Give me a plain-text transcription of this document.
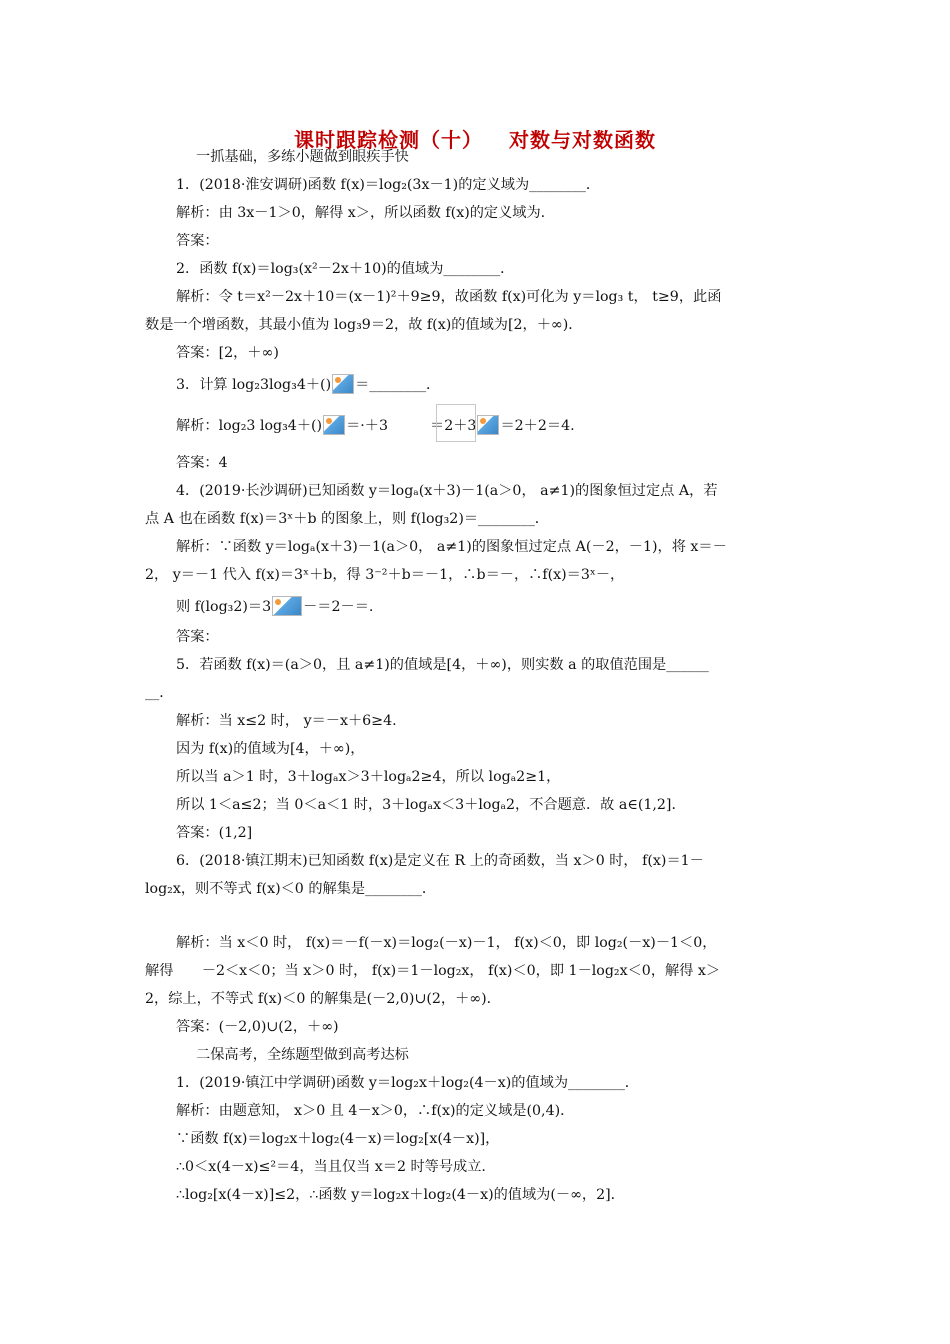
课时跟踪检测（十） 对数与对数函数
一抓基础，多练小题做到眼疾手快
1．(2018·淮安调研)函数 f(x)＝log₂(3x－1)的定义域为________．
解析：由 3x－1＞0，解得 x＞，所以函数 f(x)的定义域为.
答案：
2．函数 f(x)＝log₃(x²－2x＋10)的值域为________．
解析：令 t＝x²－2x＋10＝(x－1)²＋9≥9，故函数 f(x)可化为 y＝log₃ t， t≥9，此函
数是一个增函数，其最小值为 log₃9＝2，故 f(x)的值域为[2，＋∞)．
答案：[2，＋∞)
3．计算 log₂3log₃4＋() ＝________．
解析：log₂3 log₃4＋() ＝·＋3	＝2＋3 ＝2＋2＝4.
答案：4
4．(2019·长沙调研)已知函数 y＝logₐ(x＋3)－1(a＞0， a≠1)的图象恒过定点 A，若
点 A 也在函数 f(x)＝3ˣ＋b 的图象上，则 f(log₃2)＝________．
解析：∵函数 y＝logₐ(x＋3)－1(a＞0， a≠1)的图象恒过定点 A(－2，－1)，将 x＝－
2， y＝－1 代入 f(x)＝3ˣ＋b，得 3⁻²＋b＝－1，∴b＝－，∴f(x)＝3ˣ－，
则 f(log₃2)＝3 －＝2－＝.
答案：
5．若函数 f(x)＝(a＞0，且 a≠1)的值域是[4，＋∞)，则实数 a 的取值范围是______
__．
解析：当 x≤2 时， y＝－x＋6≥4.
因为 f(x)的值域为[4，＋∞)，
所以当 a＞1 时，3＋logₐx＞3＋logₐ2≥4，所以 logₐ2≥1，
所以 1＜a≤2；当 0＜a＜1 时，3＋logₐx＜3＋logₐ2，不合题意．故 a∈(1,2]．
答案：(1,2]
6．(2018·镇江期末)已知函数 f(x)是定义在 R 上的奇函数，当 x＞0 时， f(x)＝1－
log₂x，则不等式 f(x)＜0 的解集是________．
解析：当 x＜0 时， f(x)＝－f(－x)＝log₂(－x)－1， f(x)＜0，即 log₂(－x)－1＜0，
解得　　－2＜x＜0；当 x＞0 时， f(x)＝1－log₂x， f(x)＜0，即 1－log₂x＜0，解得 x＞
2，综上，不等式 f(x)＜0 的解集是(－2,0)∪(2，＋∞)．
答案：(－2,0)∪(2，＋∞)
二保高考，全练题型做到高考达标
1．(2019·镇江中学调研)函数 y＝log₂x＋log₂(4－x)的值域为________．
解析：由题意知， x＞0 且 4－x＞0，∴f(x)的定义域是(0,4)．
∵函数 f(x)＝log₂x＋log₂(4－x)＝log₂[x(4－x)]，
∴0＜x(4－x)≤²＝4，当且仅当 x＝2 时等号成立.
∴log₂[x(4－x)]≤2，∴函数 y＝log₂x＋log₂(4－x)的值域为(－∞，2]．
